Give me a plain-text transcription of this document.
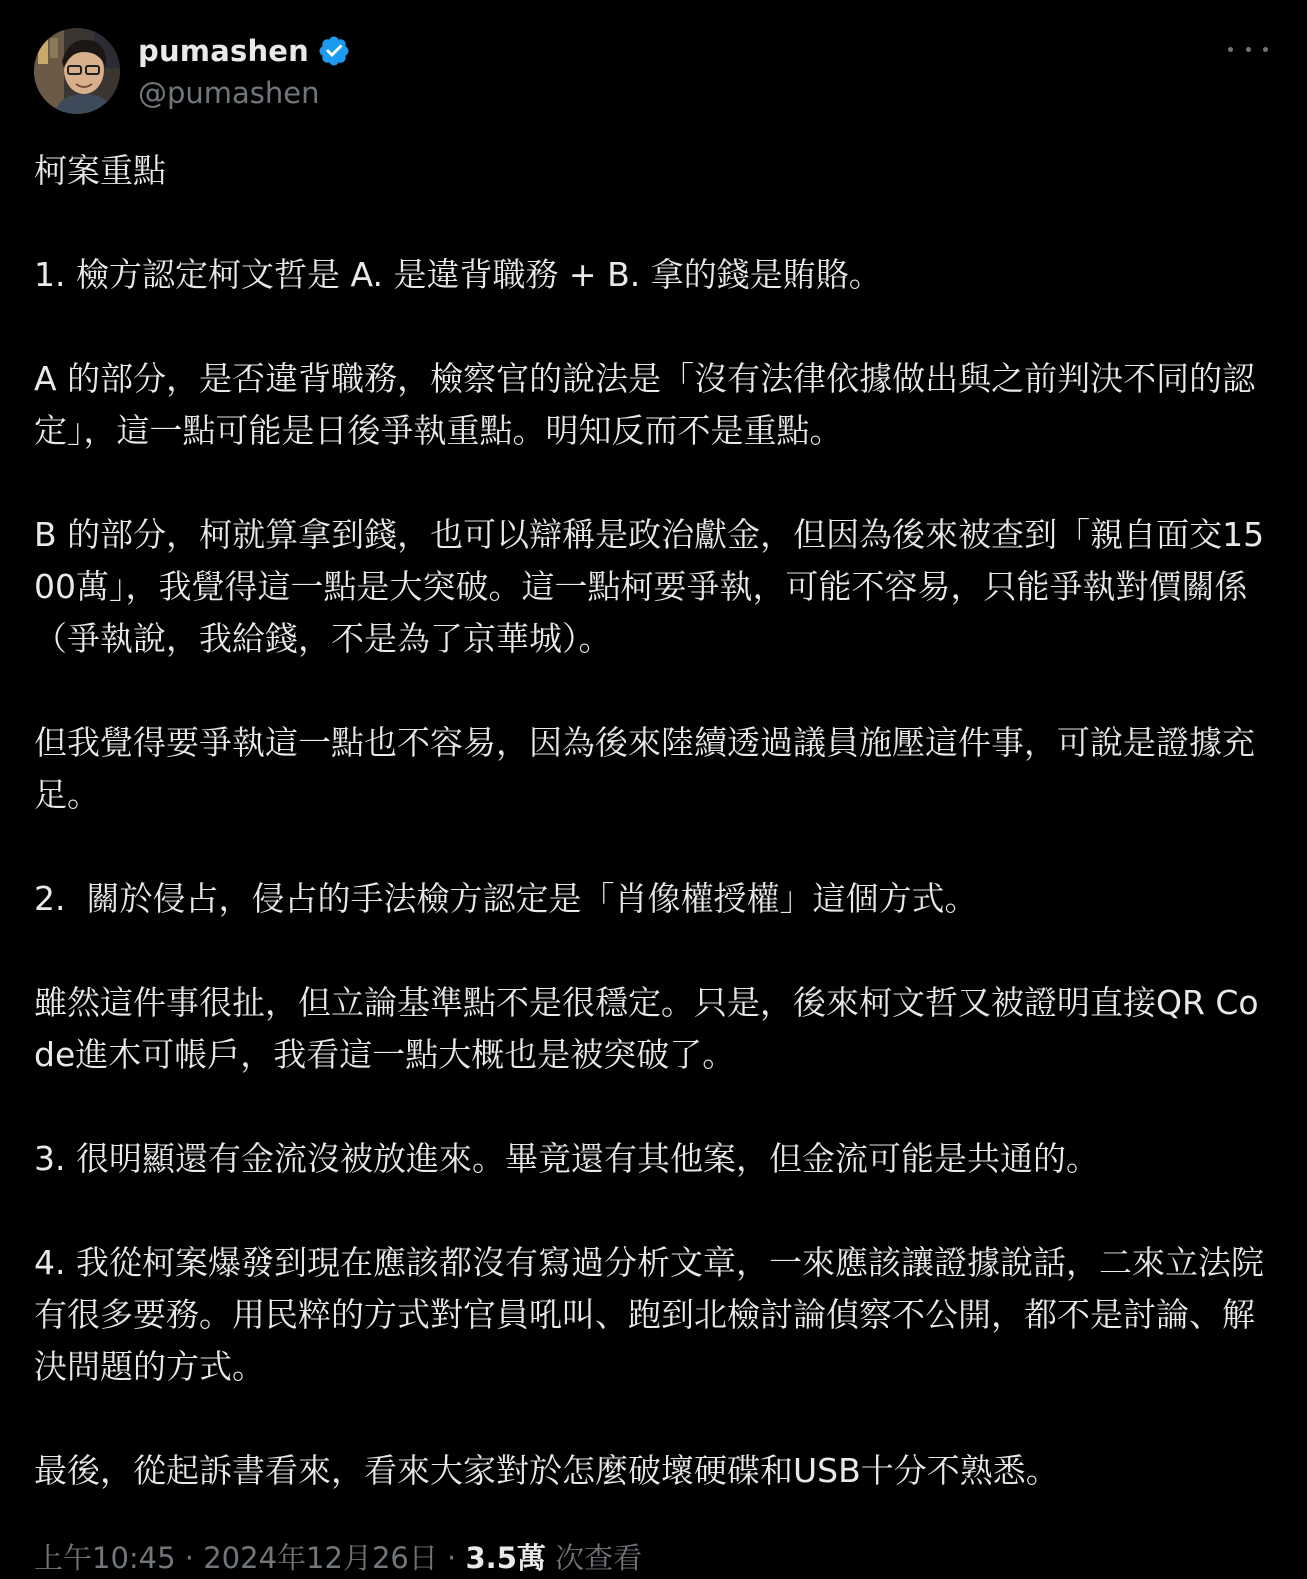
pumashen
@pumashen

柯案重點

1. 檢方認定柯文哲是 A. 是違背職務 + B. 拿的錢是賄賂。

A 的部分，是否違背職務，檢察官的說法是「沒有法律依據做出與之前判決不同的認定」，這一點可能是日後爭執重點。明知反而不是重點。

B 的部分，柯就算拿到錢，也可以辯稱是政治獻金，但因為後來被查到「親自面交1500萬」，我覺得這一點是大突破。這一點柯要爭執，可能不容易，只能爭執對價關係（爭執說，我給錢，不是為了京華城）。

但我覺得要爭執這一點也不容易，因為後來陸續透過議員施壓這件事，可說是證據充足。

2.  關於侵占，侵占的手法檢方認定是「肖像權授權」這個方式。

雖然這件事很扯，但立論基準點不是很穩定。只是，後來柯文哲又被證明直接QR Code進木可帳戶，我看這一點大概也是被突破了。

3. 很明顯還有金流沒被放進來。畢竟還有其他案，但金流可能是共通的。

4. 我從柯案爆發到現在應該都沒有寫過分析文章，一來應該讓證據說話，二來立法院有很多要務。用民粹的方式對官員吼叫、跑到北檢討論偵察不公開，都不是討論、解決問題的方式。

最後，從起訴書看來，看來大家對於怎麼破壞硬碟和USB十分不熟悉。

上午10:45 · 2024年12月26日 · 3.5萬 次查看
